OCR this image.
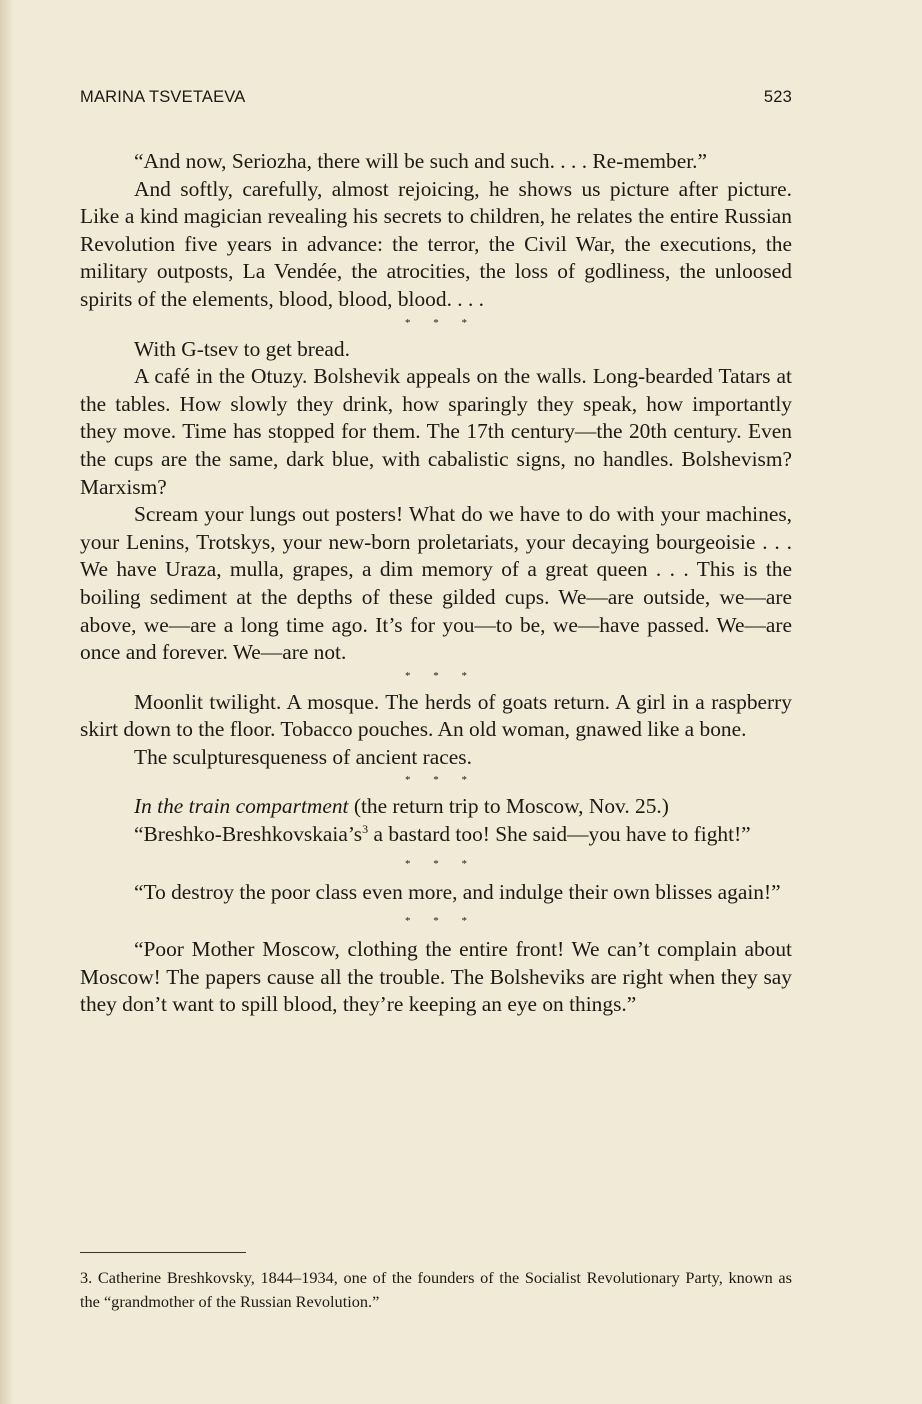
MARINA TSVETAEVA	523

“And now, Seriozha, there will be such and such. . . . Re-member.”

And softly, carefully, almost rejoicing, he shows us picture after picture. Like a kind magician revealing his secrets to children, he relates the entire Russian Revolution five years in advance: the terror, the Civil War, the executions, the military outposts, La Vendée, the atrocities, the loss of godliness, the unloosed spirits of the elements, blood, blood, blood. . . .

* * *

With G-tsev to get bread.

A café in the Otuzy. Bolshevik appeals on the walls. Long-bearded Tatars at the tables. How slowly they drink, how sparingly they speak, how importantly they move. Time has stopped for them. The 17th century—the 20th century. Even the cups are the same, dark blue, with cabalistic signs, no handles. Bolshevism? Marxism?

Scream your lungs out posters! What do we have to do with your machines, your Lenins, Trotskys, your new-born proletariats, your decaying bourgeoisie . . . We have Uraza, mulla, grapes, a dim memory of a great queen . . . This is the boiling sediment at the depths of these gilded cups. We—are outside, we—are above, we—are a long time ago. It’s for you—to be, we—have passed. We—are once and forever. We—are not.

* * *

Moonlit twilight. A mosque. The herds of goats return. A girl in a raspberry skirt down to the floor. Tobacco pouches. An old woman, gnawed like a bone.

The sculpturesqueness of ancient races.

* * *

In the train compartment (the return trip to Moscow, Nov. 25.)

“$Breshko-Breshkovskaia’s^3$ a bastard too! She said—you have to fight!”

* * *

“To destroy the poor class even more, and indulge their own blisses again!”

* * *

“Poor Mother Moscow, clothing the entire front! We can’t complain about Moscow! The papers cause all the trouble. The Bolsheviks are right when they say they don’t want to spill blood, they’re keeping an eye on things.”

3. Catherine Breshkovsky, 1844–1934, one of the founders of the Socialist Revolutionary Party, known as the “grandmother of the Russian Revolution.”
